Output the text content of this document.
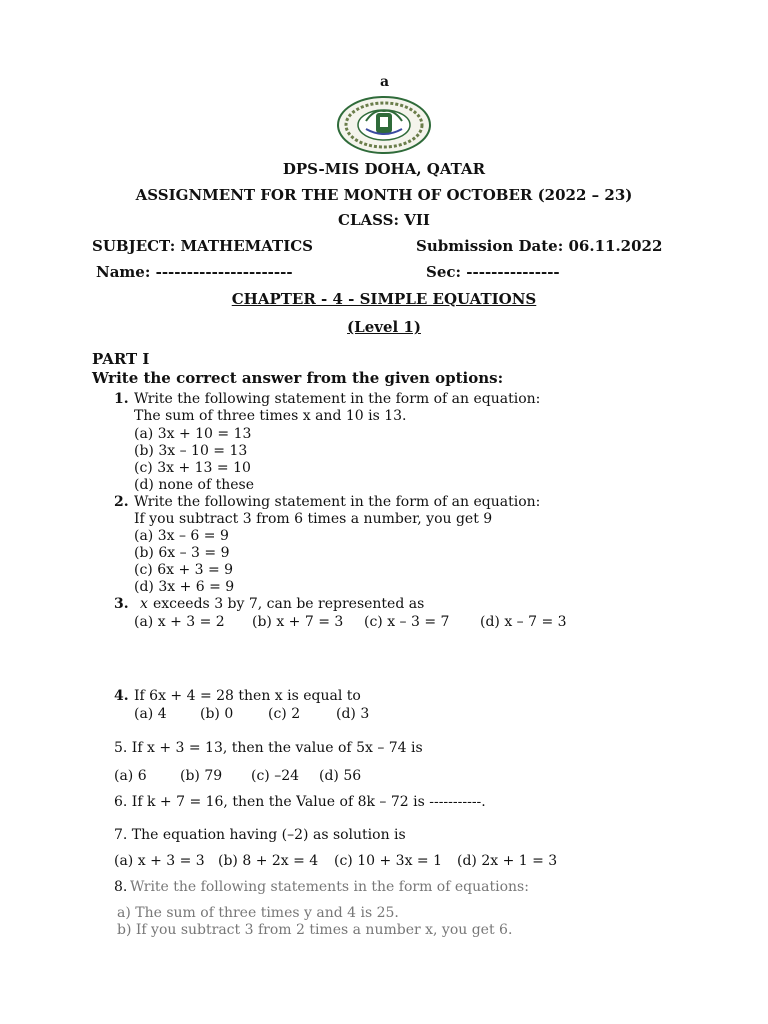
a
DPS-MIS DOHA, QATAR
ASSIGNMENT FOR THE MONTH OF OCTOBER (2022 – 23)
CLASS: VII
SUBJECT: MATHEMATICS	Submission Date: 06.11.2022
Name: ----------------------	Sec: ---------------
CHAPTER - 4 - SIMPLE EQUATIONS
(Level 1)
PART I
Write the correct answer from the given options:
1. Write the following statement in the form of an equation:
The sum of three times x and 10 is 13.
(a) 3x + 10 = 13
(b) 3x – 10 = 13
(c) 3x + 13 = 10
(d) none of these
2. Write the following statement in the form of an equation:
If you subtract 3 from 6 times a number, you get 9
(a) 3x – 6 = 9
(b) 6x – 3 = 9
(c) 6x + 3 = 9
(d) 3x + 6 = 9
3. x exceeds 3 by 7, can be represented as
(a) x + 3 = 2 (b) x + 7 = 3 (c) x – 3 = 7 (d) x – 7 = 3
4. If 6x + 4 = 28 then x is equal to
(a) 4 (b) 0 (c) 2	(d) 3
5. If x + 3 = 13, then the value of 5x – 74 is
(a) 6 (b) 79 (c) –24 (d) 56
6. If k + 7 = 16, then the Value of 8k – 72 is -----------.
7. The equation having (–2) as solution is
(a) x + 3 = 3 (b) 8 + 2x = 4 (c) 10 + 3x = 1 (d) 2x + 1 = 3
8. Write the following statements in the form of equations:
a) The sum of three times y and 4 is 25.
b) If you subtract 3 from 2 times a number x, you get 6.
